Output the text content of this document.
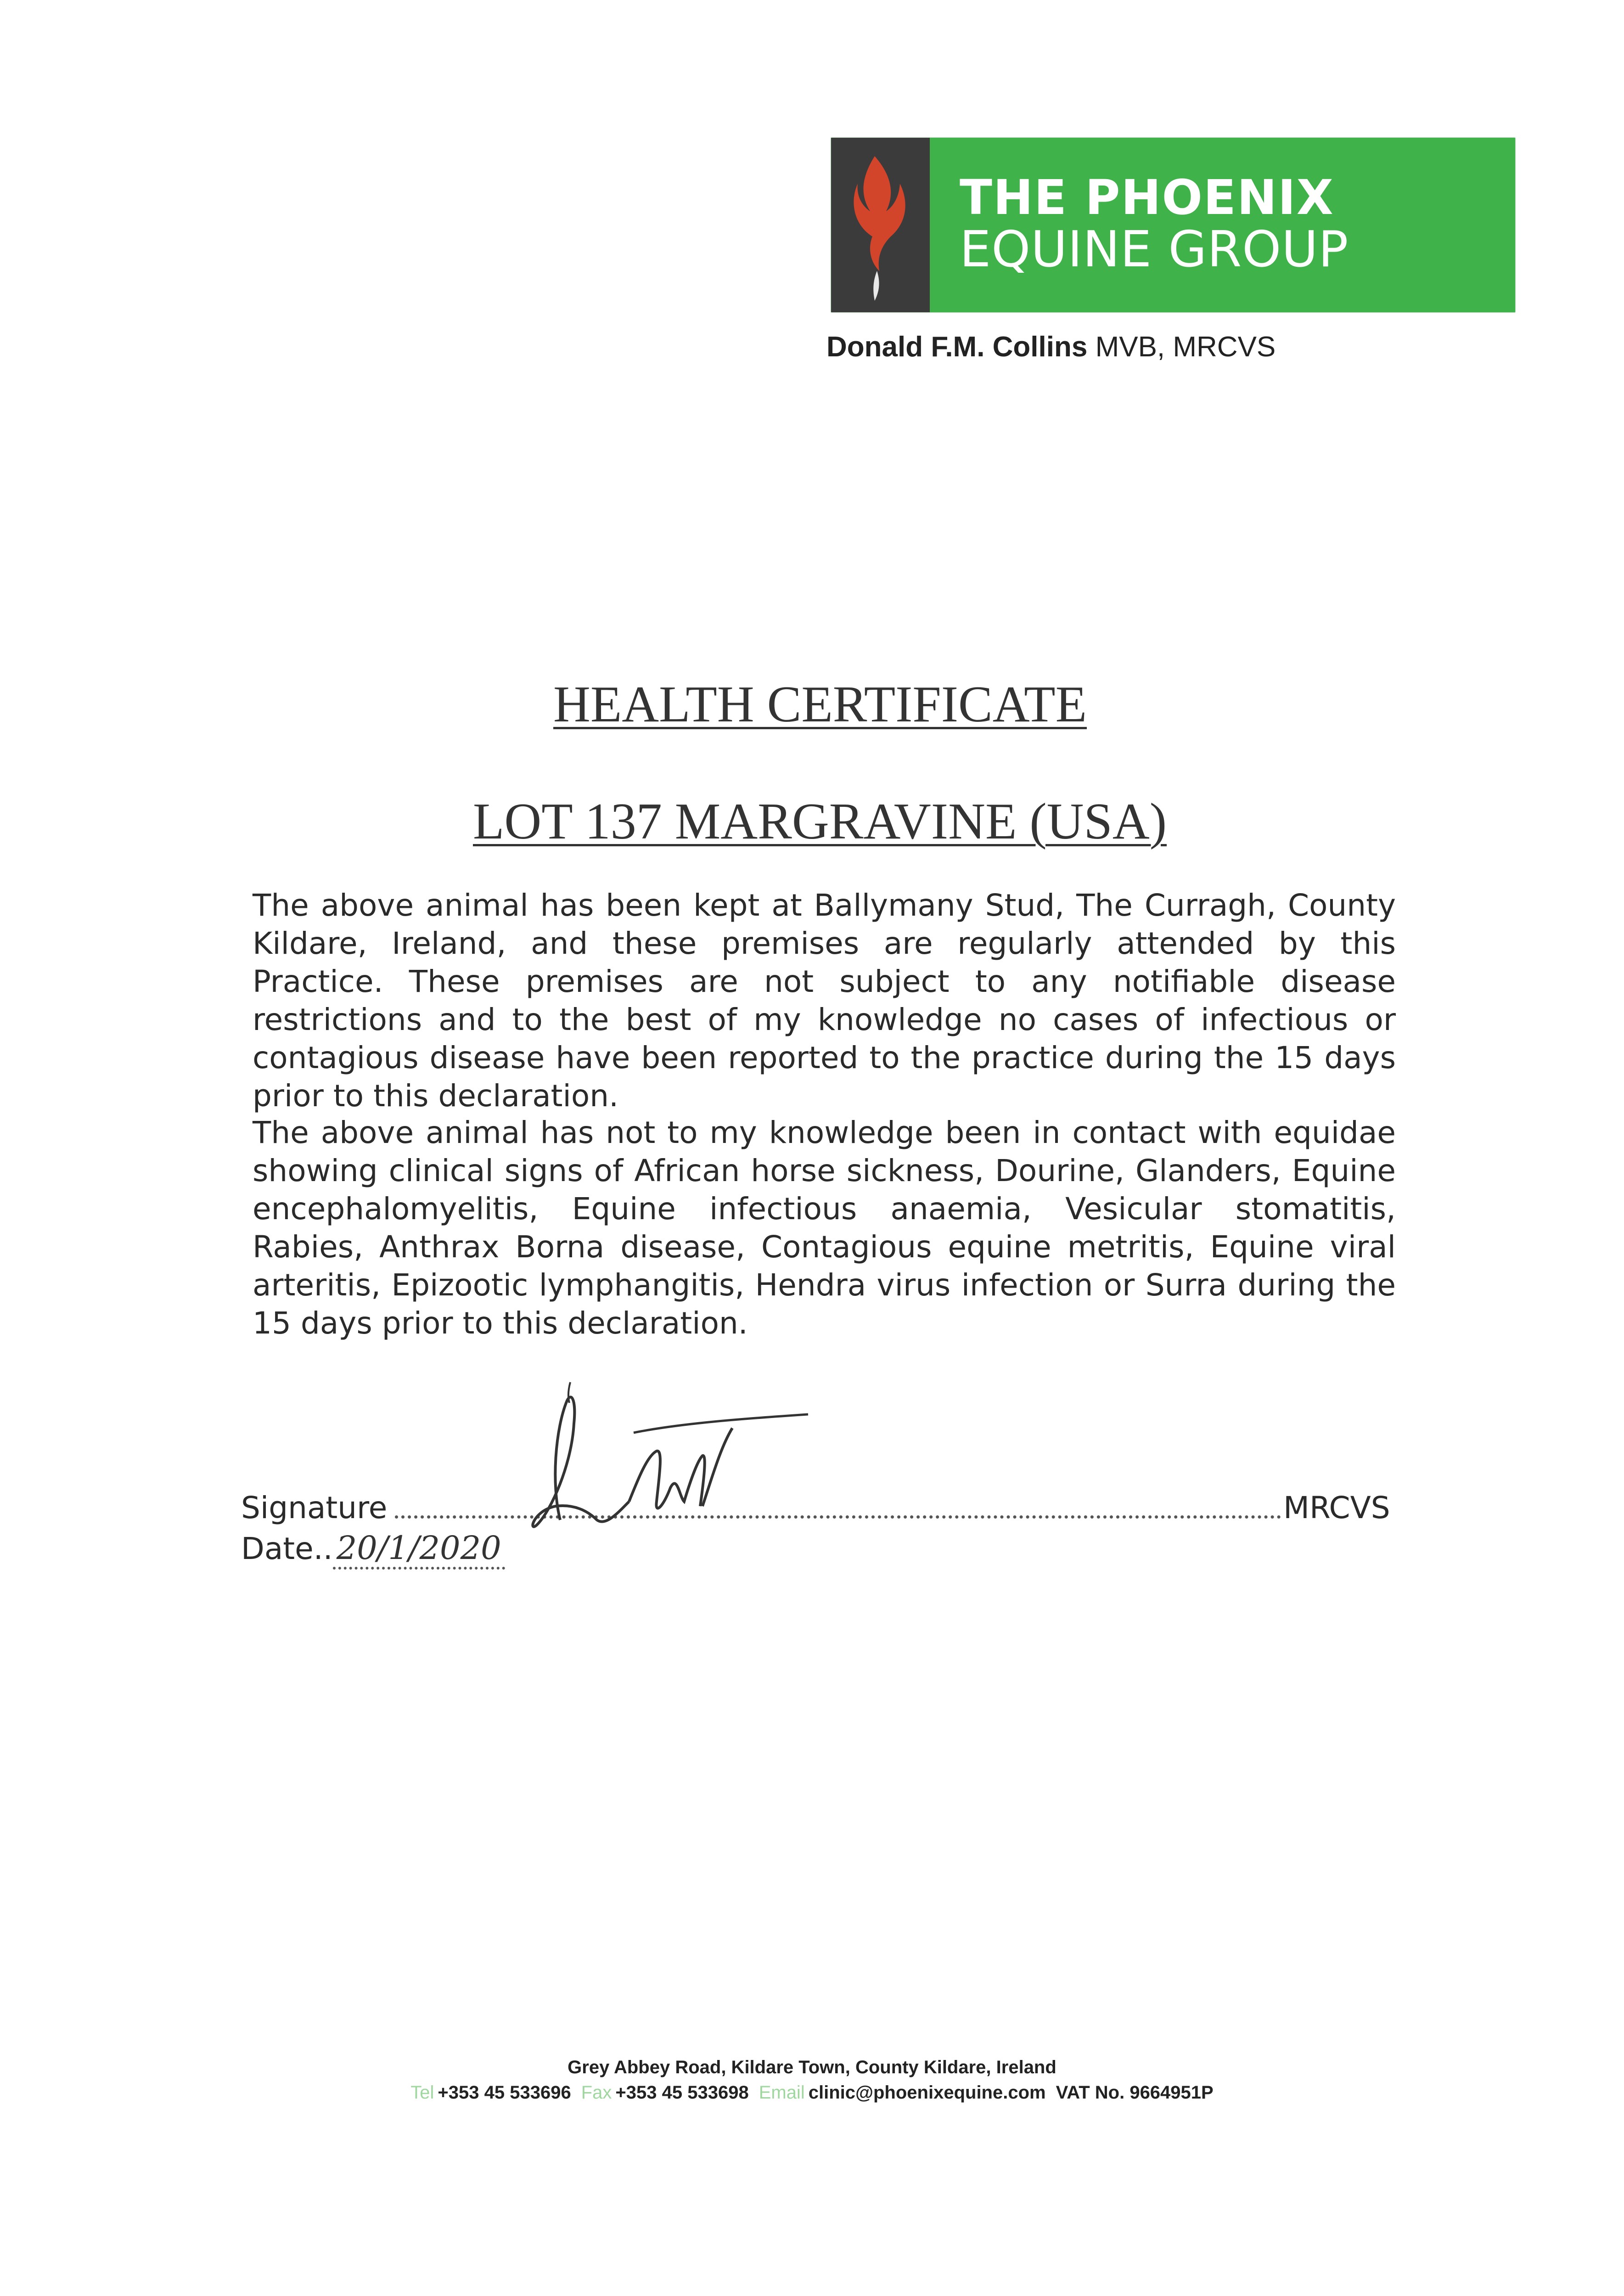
THE PHOENIX
EQUINE GROUP
Donald F.M. Collins MVB, MRCVS
HEALTH CERTIFICATE
LOT 137 MARGRAVINE (USA)
The above animal has been kept at Ballymany Stud, The Curragh, County Kildare, Ireland, and these premises are regularly attended by this Practice. These premises are not subject to any notifiable disease restrictions and to the best of my knowledge no cases of infectious or contagious disease have been reported to the practice during the 15 days prior to this declaration.
The above animal has not to my knowledge been in contact with equidae showing clinical signs of African horse sickness, Dourine, Glanders, Equine encephalomyelitis, Equine infectious anaemia, Vesicular stomatitis, Rabies, Anthrax Borna disease, Contagious equine metritis, Equine viral arteritis, Epizootic lymphangitis, Hendra virus infection or Surra during the 15 days prior to this declaration.
Signature	MRCVS
Date.. 20/1/2020
Grey Abbey Road, Kildare Town, County Kildare, Ireland
Tel +353 45 533696 Fax +353 45 533698 Email clinic@phoenixequine.com VAT No. 9664951P
